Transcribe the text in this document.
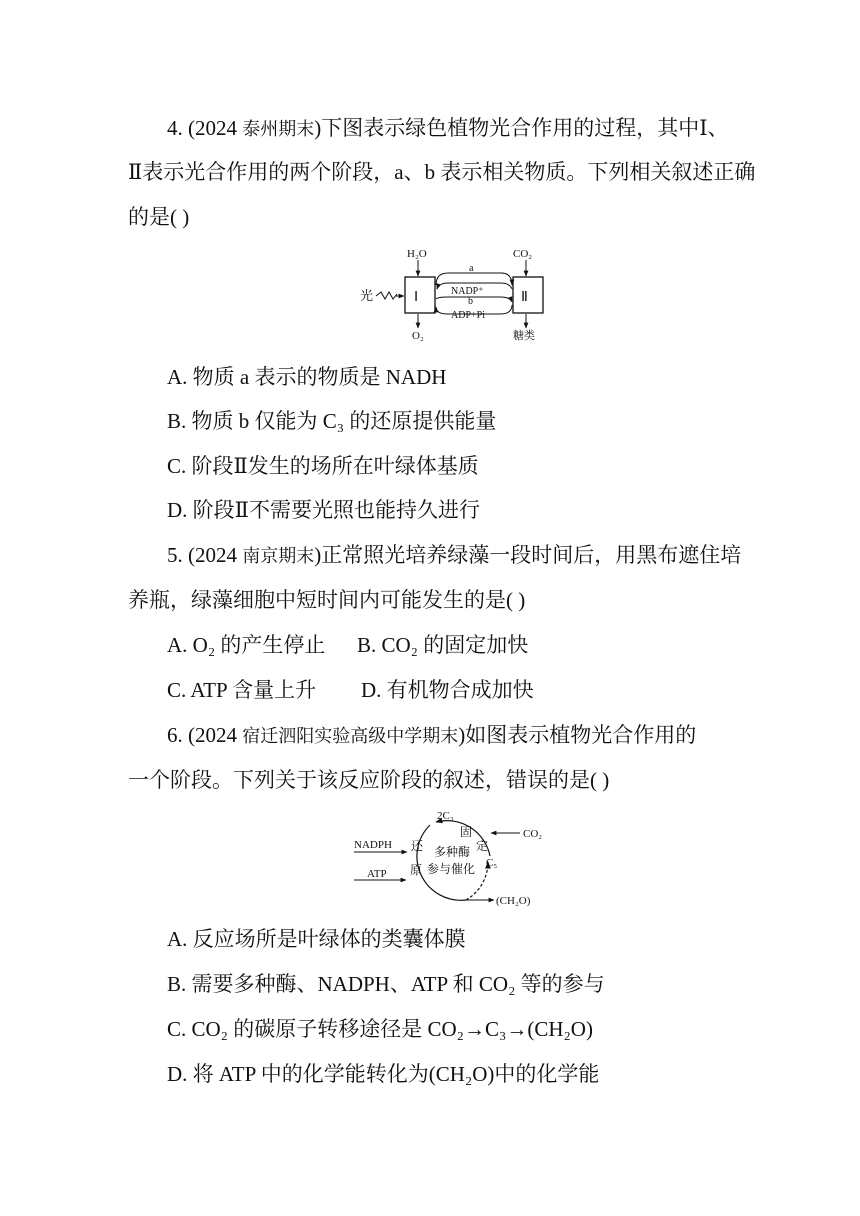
4. (2024 泰州期末)下图表示绿色植物光合作用的过程，其中Ⅰ、
Ⅱ表示光合作用的两个阶段，a、b 表示相关物质。下列相关叙述正确
的是( )
Ⅰ	Ⅱ
H₂O	CO₂
光
O₂	糖类
a
NADP⁺
b
ADP+Pi
A. 物质 a 表示的物质是 NADH
B. 物质 b 仅能为 C₃ 的还原提供能量
C. 阶段Ⅱ发生的场所在叶绿体基质
D. 阶段Ⅱ不需要光照也能持久进行
5. (2024 南京期末)正常照光培养绿藻一段时间后，用黑布遮住培
养瓶，绿藻细胞中短时间内可能发生的是( )
A. O₂ 的产生停止 B. CO₂ 的固定加快
C. ATP 含量上升 D. 有机物合成加快
6. (2024 宿迁泗阳实验高级中学期末)如图表示植物光合作用的
一个阶段。下列关于该反应阶段的叙述，错误的是( )
2C₃
固
定
CO₂
NADPH 还
原
ATP
多种酶
参与催化 C₅
(CH₂O)
A. 反应场所是叶绿体的类囊体膜
B. 需要多种酶、NADPH、ATP 和 CO₂ 等的参与
C. CO₂ 的碳原子转移途径是 CO₂→C₃→(CH₂O)
D. 将 ATP 中的化学能转化为(CH₂O)中的化学能
